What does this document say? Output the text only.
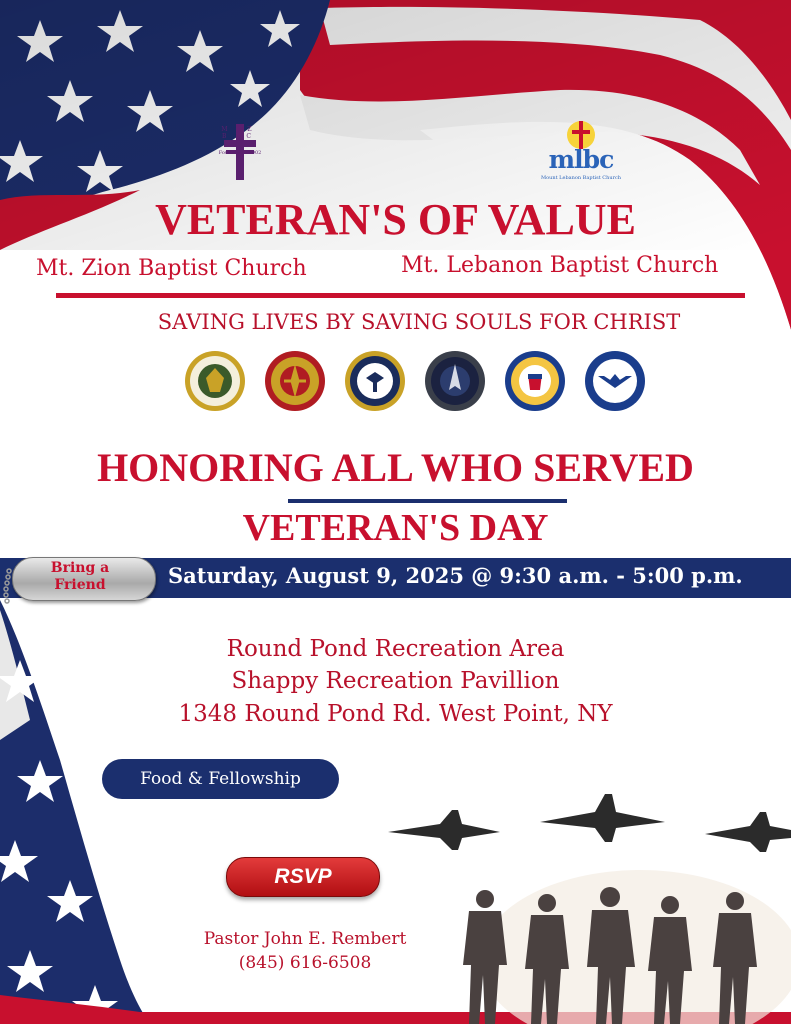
M Z B C
Founded in 1902	mlbc
Mount Lebanon Baptist Church
VETERAN'S OF VALUE
Mt. Zion Baptist Church	Mt. Lebanon Baptist Church
SAVING LIVES BY SAVING SOULS FOR CHRIST
HONORING ALL WHO SERVED
VETERAN'S DAY
Bring a Friend	Saturday, August 9, 2025 @ 9:30 a.m. - 5:00 p.m.
Round Pond Recreation Area
Shappy Recreation Pavillion
1348 Round Pond Rd. West Point, NY
Food & Fellowship
RSVP
Pastor John E. Rembert
(845) 616-6508
